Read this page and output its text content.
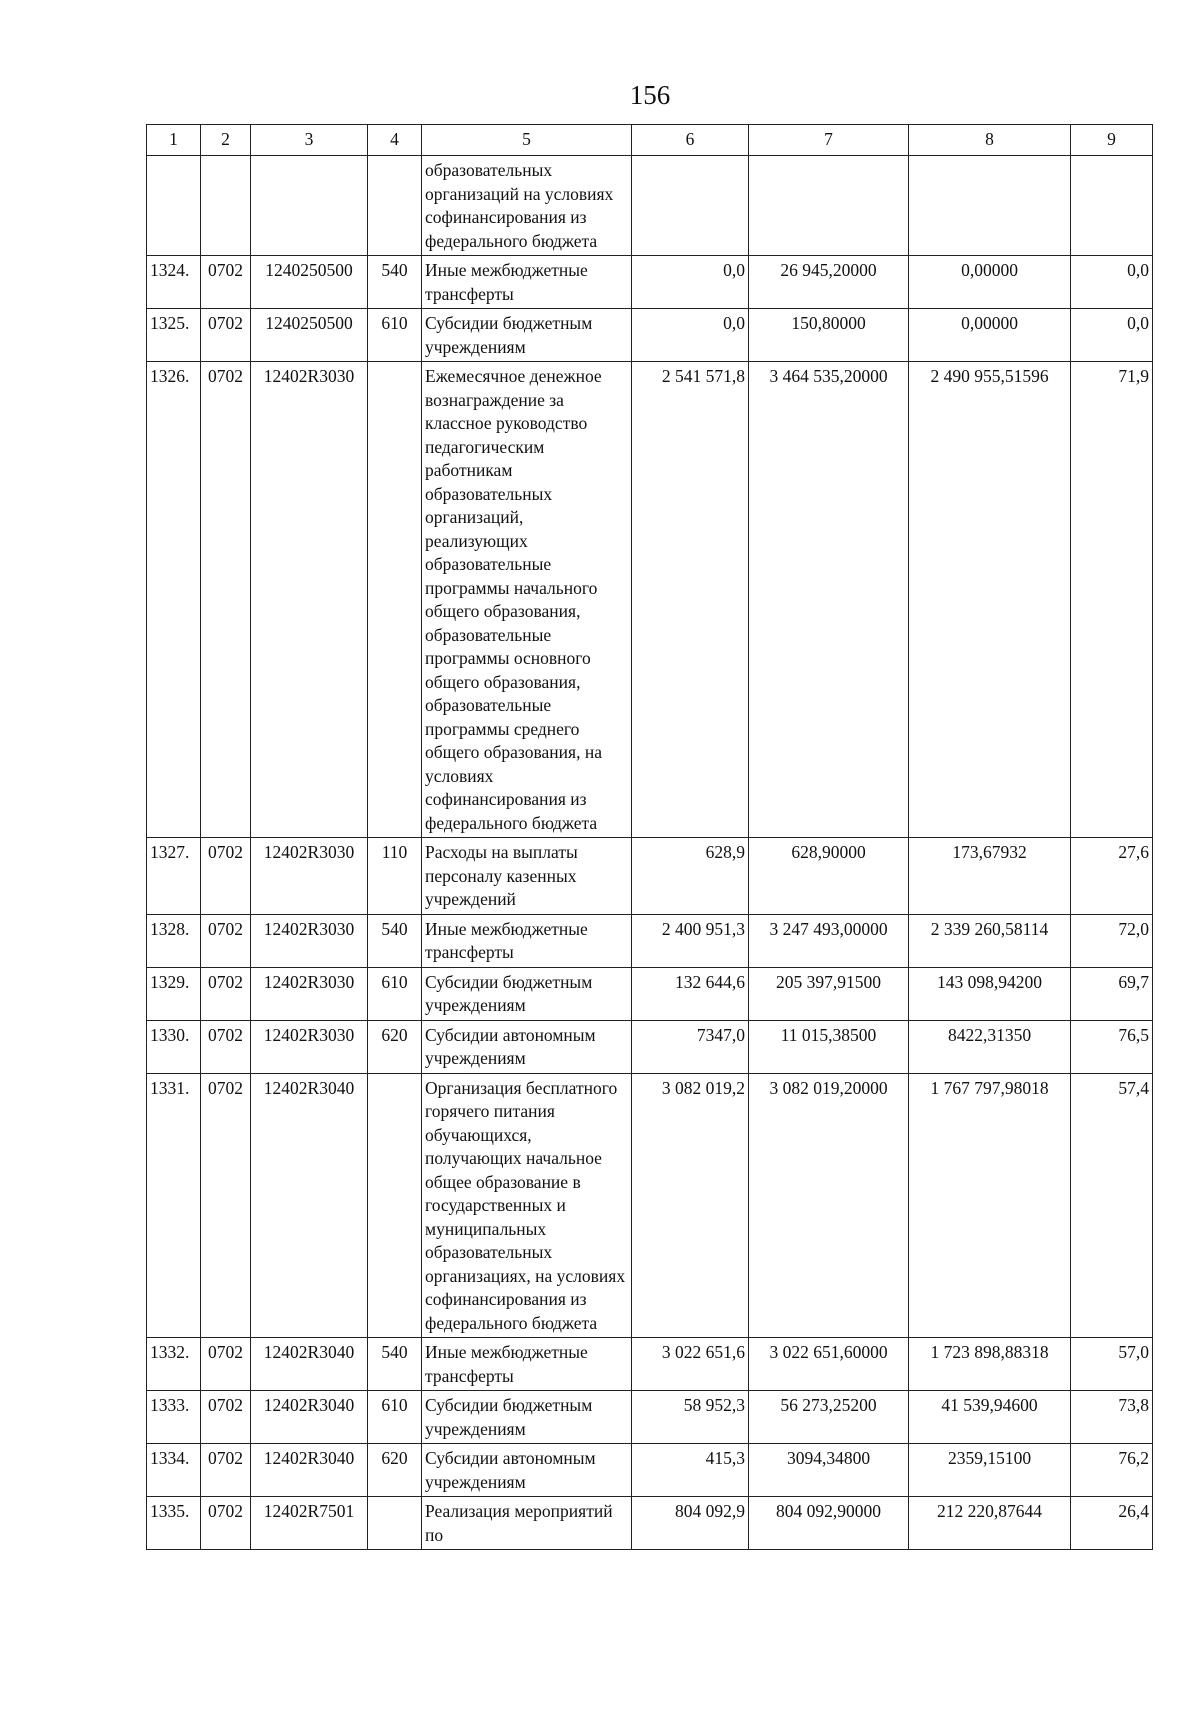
156
1	2	3	4	5	6	7	8	9
				образовательных организаций на условиях софинансирования из федерального бюджета				
1324.	0702	1240250500	540	Иные межбюджетные трансферты	0,0	26 945,20000	0,00000	0,0
1325.	0702	1240250500	610	Субсидии бюджетным учреждениям	0,0	150,80000	0,00000	0,0
1326.	0702	12402R3030		Ежемесячное денежное вознаграждение за классное руководство педагогическим работникам образовательных организаций, реализующих образовательные программы начального общего образования, образовательные программы основного общего образования, образовательные программы среднего общего образования, на условиях софинансирования из федерального бюджета	2 541 571,8	3 464 535,20000	2 490 955,51596	71,9
1327.	0702	12402R3030	110	Расходы на выплаты персоналу казенных учреждений	628,9	628,90000	173,67932	27,6
1328.	0702	12402R3030	540	Иные межбюджетные трансферты	2 400 951,3	3 247 493,00000	2 339 260,58114	72,0
1329.	0702	12402R3030	610	Субсидии бюджетным учреждениям	132 644,6	205 397,91500	143 098,94200	69,7
1330.	0702	12402R3030	620	Субсидии автономным учреждениям	7347,0	11 015,38500	8422,31350	76,5
1331.	0702	12402R3040		Организация бесплатного горячего питания обучающихся, получающих начальное общее образование в государственных и муниципальных образовательных организациях, на условиях софинансирования из федерального бюджета	3 082 019,2	3 082 019,20000	1 767 797,98018	57,4
1332.	0702	12402R3040	540	Иные межбюджетные трансферты	3 022 651,6	3 022 651,60000	1 723 898,88318	57,0
1333.	0702	12402R3040	610	Субсидии бюджетным учреждениям	58 952,3	56 273,25200	41 539,94600	73,8
1334.	0702	12402R3040	620	Субсидии автономным учреждениям	415,3	3094,34800	2359,15100	76,2
1335.	0702	12402R7501		Реализация мероприятий по	804 092,9	804 092,90000	212 220,87644	26,4
